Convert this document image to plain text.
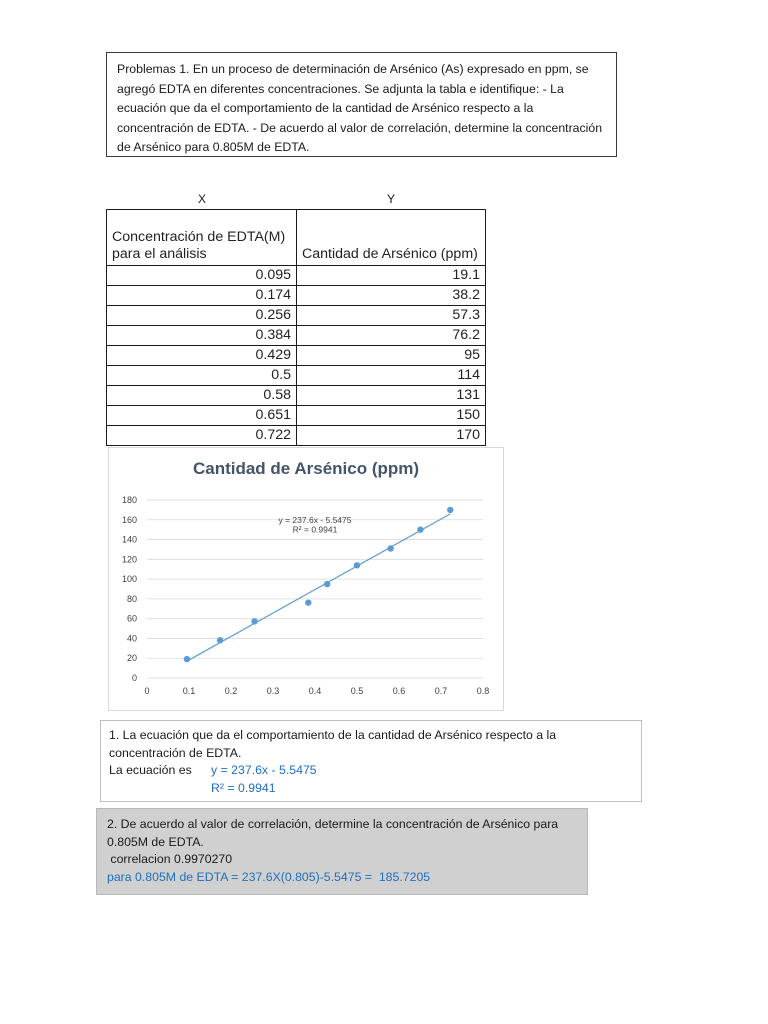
Problemas 1. En un proceso de determinación de Arsénico (As) expresado en ppm, se agregó EDTA en diferentes concentraciones. Se adjunta la tabla e identifique: - La ecuación que da el comportamiento de la cantidad de Arsénico respecto a la concentración de EDTA. - De acuerdo al valor de correlación, determine la concentración de Arsénico para 0.805M de EDTA.
X	Y
Concentración de EDTA(M) para el análisis	Cantidad de Arsénico (ppm)
0.095	19.1
0.174	38.2
0.256	57.3
0.384	76.2
0.429	95
0.5	114
0.58	131
0.651	150
0.722	170
Cantidad de Arsénico (ppm)
0
20
40
60
80
100
120
140
160
180
0	0.1	0.2	0.3	0.4	0.5	0.6	0.7	0.8
y = 237.6x - 5.5475
R² = 0.9941
1. La ecuación que da el comportamiento de la cantidad de Arsénico respecto a la concentración de EDTA.
La ecuación es y = 237.6x - 5.5475
R² = 0.9941
2. De acuerdo al valor de correlación, determine la concentración de Arsénico para 0.805M de EDTA.
correlacion 0.9970270
para 0.805M de EDTA = 237.6X(0.805)-5.5475 =  185.7205
